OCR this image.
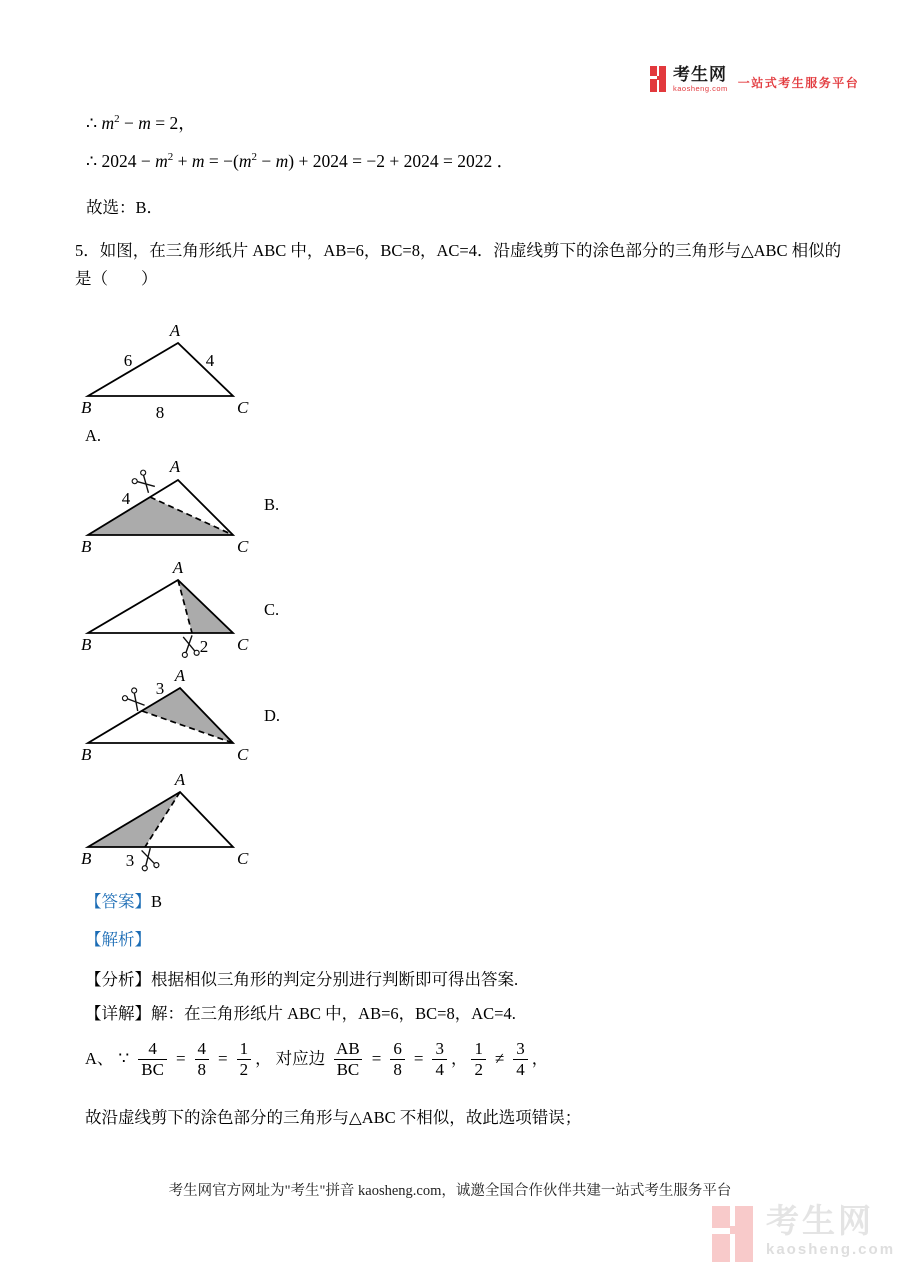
考生网
kaosheng.com 一站式考生服务平台
∴ $m^2 - m = 2$，
∴ $2024 - m^2 + m = -(m^2 - m) + 2024 = -2 + 2024 = 2022$ ．
故选：B．
5．如图，在三角形纸片 ABC 中，AB=6，BC=8，AC=4．沿虚线剪下的涂色部分的三角形与△ABC 相似的
是（　　）
A
B	C
6	4
8
A.
4
A
B	C
B.
2
A
B	C
C.
3
A
B	C
D.
3
A
B	C
【答案】B
【解析】
【分析】根据相似三角形的判定分别进行判断即可得出答案.
【详解】解：在三角形纸片 ABC 中，AB=6，BC=8，AC=4.
A、 ∵ $\frac{4}{BC} = \frac{4}{8} = \frac{1}{2}$ ， 对应边 $\frac{AB}{BC} = \frac{6}{8} = \frac{3}{4}$ ， $\frac{1}{2} \ne \frac{3}{4}$ ，
故沿虚线剪下的涂色部分的三角形与△ABC 不相似，故此选项错误；
考生网官方网址为"考生"拼音 kaosheng.com，诚邀全国合作伙伴共建一站式考生服务平台
考生网
kaosheng.com
